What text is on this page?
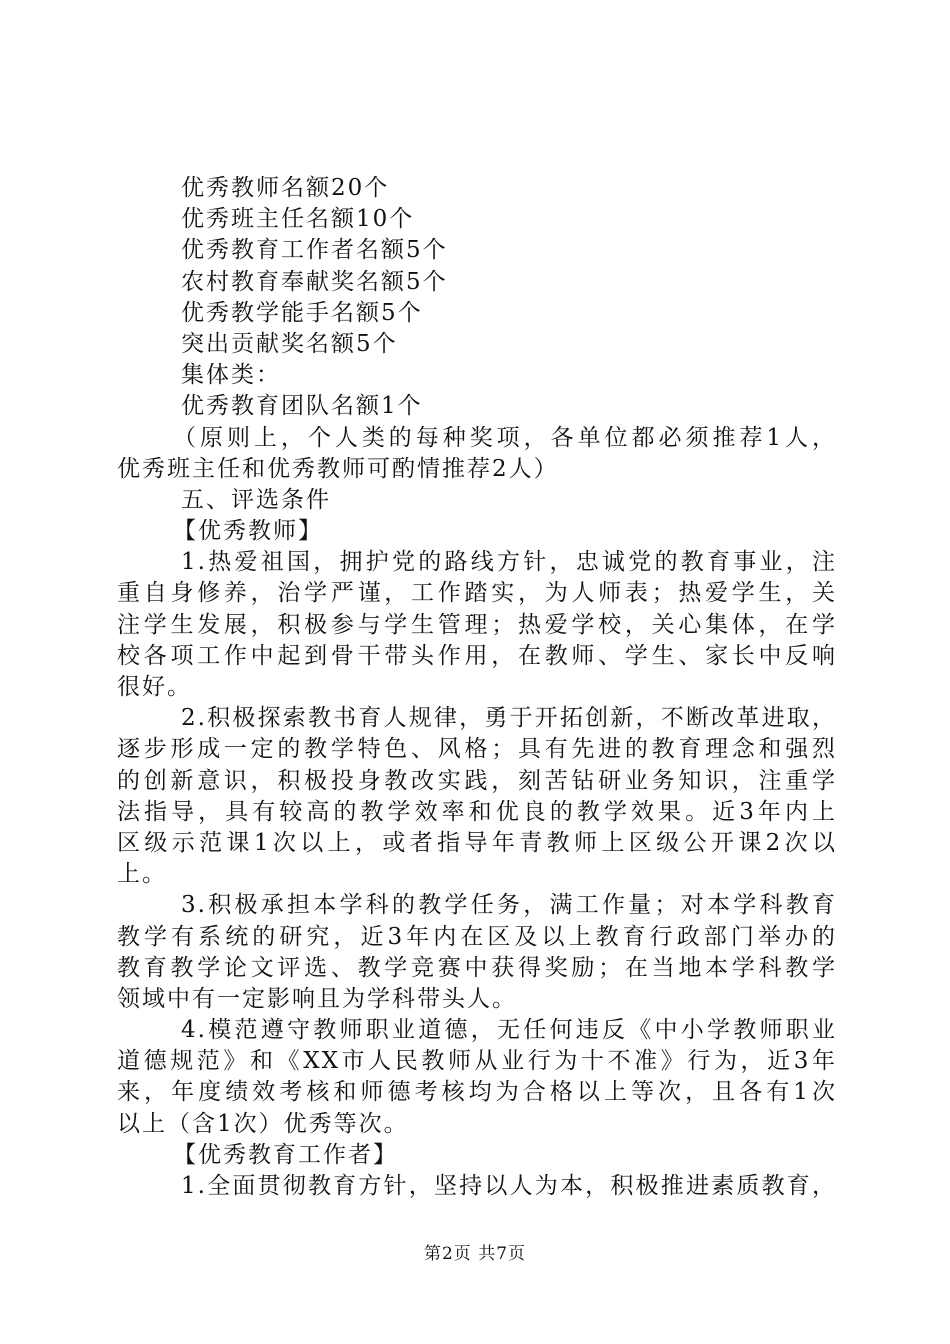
优秀教师名额20个
优秀班主任名额10个
优秀教育工作者名额5个
农村教育奉献奖名额5个
优秀教学能手名额5个
突出贡献奖名额5个
集体类：
优秀教育团队名额1个
（原则上，个人类的每种奖项，各单位都必须推荐1人，
优秀班主任和优秀教师可酌情推荐2人）
五、评选条件
【优秀教师】
1.热爱祖国，拥护党的路线方针，忠诚党的教育事业，注
重自身修养，治学严谨，工作踏实，为人师表；热爱学生，关
注学生发展，积极参与学生管理；热爱学校，关心集体，在学
校各项工作中起到骨干带头作用，在教师、学生、家长中反响
很好。
2.积极探索教书育人规律，勇于开拓创新，不断改革进取，
逐步形成一定的教学特色、风格；具有先进的教育理念和强烈
的创新意识，积极投身教改实践，刻苦钻研业务知识，注重学
法指导，具有较高的教学效率和优良的教学效果。近3年内上
区级示范课1次以上，或者指导年青教师上区级公开课2次以
上。
3.积极承担本学科的教学任务，满工作量；对本学科教育
教学有系统的研究，近3年内在区及以上教育行政部门举办的
教育教学论文评选、教学竞赛中获得奖励；在当地本学科教学
领域中有一定影响且为学科带头人。
4.模范遵守教师职业道德，无任何违反《中小学教师职业
道德规范》和《XX市人民教师从业行为十不准》行为，近3年
来，年度绩效考核和师德考核均为合格以上等次，且各有1次
以上（含1次）优秀等次。
【优秀教育工作者】
1.全面贯彻教育方针，坚持以人为本，积极推进素质教育，
第2页 共7页
